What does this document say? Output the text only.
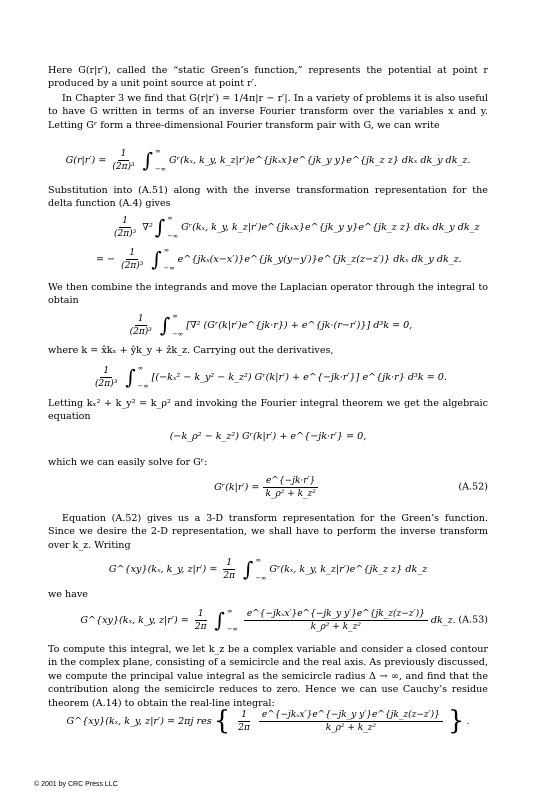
Here G(r|r′), called the “static Green’s function,” represents the potential at point r produced by a unit point source at point r′.
In Chapter 3 we find that G(r|r′) = 1/4π|r − r′|. In a variety of problems it is also useful to have G written in terms of an inverse Fourier transform over the variables x and y. Letting Gʳ form a three-dimensional Fourier transform pair with G, we can write
$G(r|r') = \frac{1}{\text{(2π)³}}$ ∫ ∞
−∞
Gʳ(kₓ, k_y, k_z|r′)e^{jkₓx}e^{jk_y y}e^{jk_z z} dkₓ dk_y dk_z.
Substitution into (A.51) along with the inverse transformation representation for the delta function (A.4) gives
$\frac{1}{\text{(2π)³}} \nabla^2$ ∫ ∞
−∞
Gʳ(kₓ, k_y, k_z|r′)e^{jkₓx}e^{jk_y y}e^{jk_z z} dkₓ dk_y dk_z
= − $\frac{1}{\text{(2π)³}}$ ∫ ∞
−∞
e^{jkₓ(x−x′)}e^{jk_y(y−y′)}e^{jk_z(z−z′)} dkₓ dk_y dk_z.
We then combine the integrands and move the Laplacian operator through the integral to obtain
$\frac{1}{\text{(2π)³}}$ ∫ ∞
−∞
[∇² (Gʳ(k|r′)e^{jk·r}) + e^{jk·(r−r′)}] d³k = 0,
where k = x̂kₓ + ŷk_y + ẑk_z. Carrying out the derivatives,
$\frac{1}{\text{(2π)³}}$ ∫ ∞
−∞
[(−kₓ² − k_y² − k_z²) Gʳ(k|r′) + e^{−jk·r′}] e^{jk·r} d³k = 0.
Letting kₓ² + k_y² = k_ρ² and invoking the Fourier integral theorem we get the algebraic equation
(−k_ρ² − k_z²) Gʳ(k|r′) + e^{−jk·r′} = 0,
which we can easily solve for Gʳ:
Gʳ(k|r′) = $\frac{e\^{}\{-jk\cdot r'\}}{\text{k\_ρ² + k\_z²}}$	(A.52)
Equation (A.52) gives us a 3-D transform representation for the Green’s function. Since we desire the 2-D representation, we shall have to perform the inverse transform over k_z. Writing
G^{xy}(kₓ, k_y, $z|r') = \frac{1}{2\pi}$ ∫ ∞
−∞
Gʳ(kₓ, k_y, k_z|r′)e^{jk_z z} dk_z
we have
G^{xy}(kₓ, k_y, $z|r') = \frac{1}{2\pi}$ ∫ ∞
−∞ $\frac{\text{e\textasciicircum{}\{−jkₓx′\}e\textasciicircum{}\{−jk\_y y′\}e\textasciicircum{}\{jk\_z(z−z′)\}}}{\text{k\_ρ² + k\_z²}}$ dk_z. (A.53)
To compute this integral, we let k_z be a complex variable and consider a closed contour in the complex plane, consisting of a semicircle and the real axis. As previously discussed, we compute the principal value integral as the semicircle radius Δ → ∞, and find that the contribution along the semicircle reduces to zero. Hence we can use Cauchy’s residue theorem (A.14) to obtain the real-line integral:
G^{xy}(kₓ, k_y, z|r′) = 2πj res { $\frac{1}{2\pi} \frac{\text{e\textasciicircum{}\{−jkₓx′\}e\textasciicircum{}\{−jk\_y y′\}e\textasciicircum{}\{jk\_z(z−z′)\}}}{\text{k\_ρ² + k\_z²}}$ } .
© 2001 by CRC Press LLC
